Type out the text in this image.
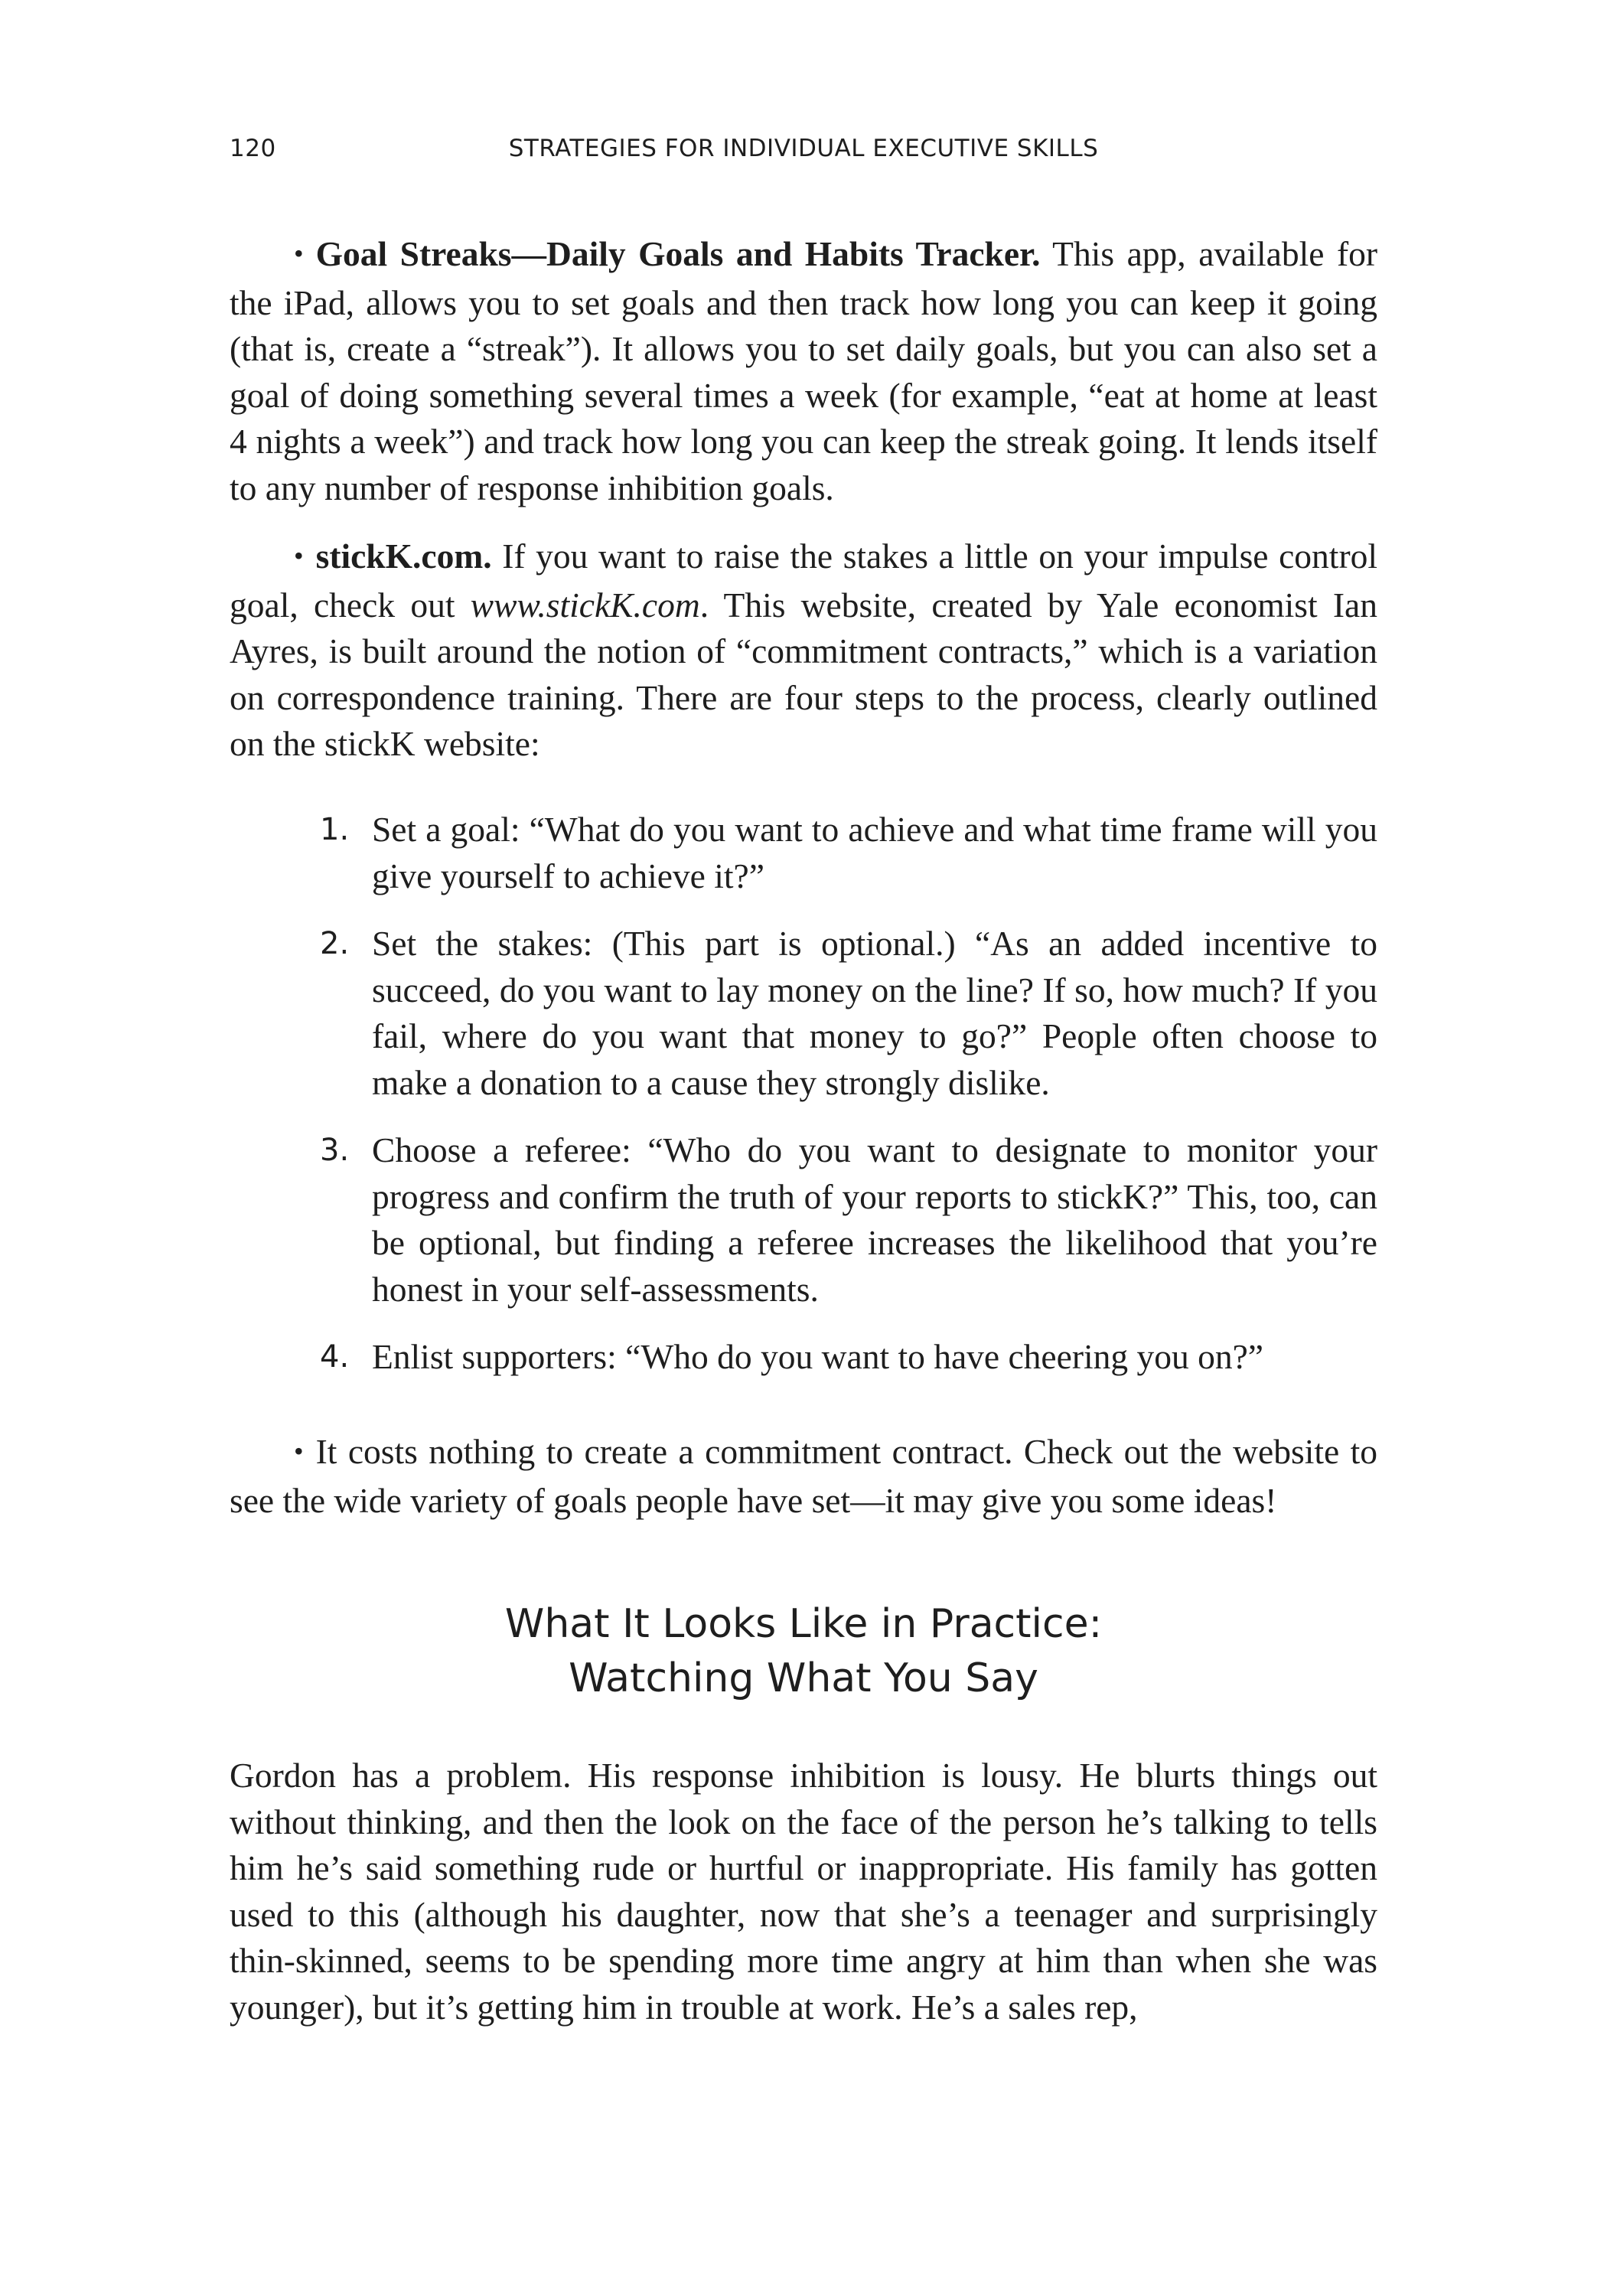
120	STRATEGIES FOR INDIVIDUAL EXECUTIVE SKILLS

• Goal Streaks—Daily Goals and Habits Tracker. This app, available for the iPad, allows you to set goals and then track how long you can keep it going (that is, create a “streak”). It allows you to set daily goals, but you can also set a goal of doing something several times a week (for example, “eat at home at least 4 nights a week”) and track how long you can keep the streak going. It lends itself to any number of response inhibition goals.

• stickK.com. If you want to raise the stakes a little on your impulse control goal, check out www.stickK.com. This website, created by Yale economist Ian Ayres, is built around the notion of “commitment contracts,” which is a variation on correspondence training. There are four steps to the process, clearly outlined on the stickK website:

1. Set a goal: “What do you want to achieve and what time frame will you give yourself to achieve it?”
2. Set the stakes: (This part is optional.) “As an added incentive to succeed, do you want to lay money on the line? If so, how much? If you fail, where do you want that money to go?” People often choose to make a donation to a cause they strongly dislike.
3. Choose a referee: “Who do you want to designate to monitor your progress and confirm the truth of your reports to stickK?” This, too, can be optional, but finding a referee increases the likelihood that you’re honest in your self-assessments.
4. Enlist supporters: “Who do you want to have cheering you on?”

• It costs nothing to create a commitment contract. Check out the website to see the wide variety of goals people have set—it may give you some ideas!

What It Looks Like in Practice:
Watching What You Say

Gordon has a problem. His response inhibition is lousy. He blurts things out without thinking, and then the look on the face of the person he’s talking to tells him he’s said something rude or hurtful or inappropriate. His family has gotten used to this (although his daughter, now that she’s a teenager and surprisingly thin-skinned, seems to be spending more time angry at him than when she was younger), but it’s getting him in trouble at work. He’s a sales rep,
